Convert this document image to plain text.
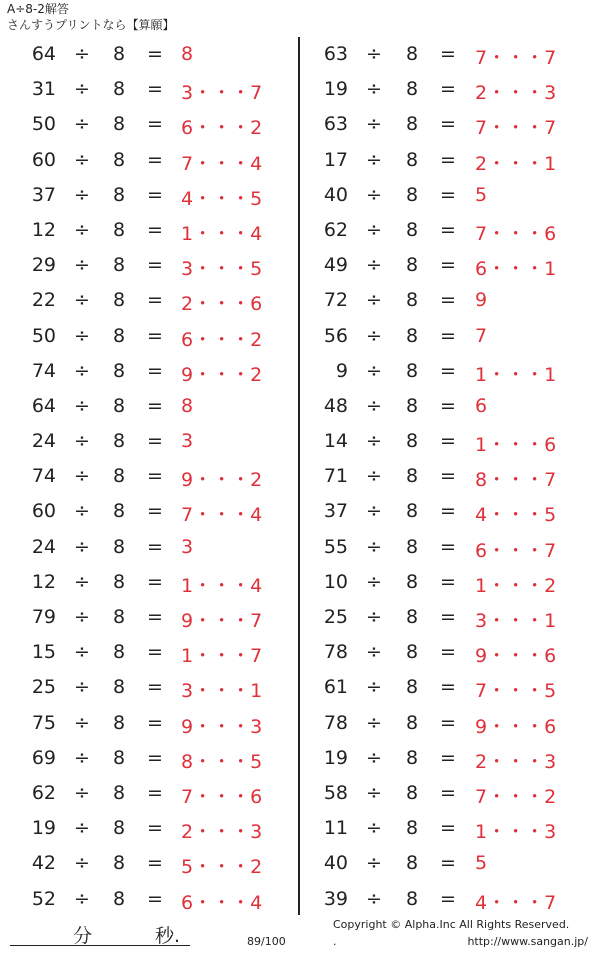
A÷8-2解答
さんすうプリントなら【算願】
64 ÷ 8 = 8
31 ÷ 8 = 3・・・7
50 ÷ 8 = 6・・・2
60 ÷ 8 = 7・・・4
37 ÷ 8 = 4・・・5
12 ÷ 8 = 1・・・4
29 ÷ 8 = 3・・・5
22 ÷ 8 = 2・・・6
50 ÷ 8 = 6・・・2
74 ÷ 8 = 9・・・2
64 ÷ 8 = 8
24 ÷ 8 = 3
74 ÷ 8 = 9・・・2
60 ÷ 8 = 7・・・4
24 ÷ 8 = 3
12 ÷ 8 = 1・・・4
79 ÷ 8 = 9・・・7
15 ÷ 8 = 1・・・7
25 ÷ 8 = 3・・・1
75 ÷ 8 = 9・・・3
69 ÷ 8 = 8・・・5
62 ÷ 8 = 7・・・6
19 ÷ 8 = 2・・・3
42 ÷ 8 = 5・・・2
52 ÷ 8 = 6・・・4
63 ÷ 8 = 7・・・7
19 ÷ 8 = 2・・・3
63 ÷ 8 = 7・・・7
17 ÷ 8 = 2・・・1
40 ÷ 8 = 5
62 ÷ 8 = 7・・・6
49 ÷ 8 = 6・・・1
72 ÷ 8 = 9
56 ÷ 8 = 7
9 ÷ 8 = 1・・・1
48 ÷ 8 = 6
14 ÷ 8 = 1・・・6
71 ÷ 8 = 8・・・7
37 ÷ 8 = 4・・・5
55 ÷ 8 = 6・・・7
10 ÷ 8 = 1・・・2
25 ÷ 8 = 3・・・1
78 ÷ 8 = 9・・・6
61 ÷ 8 = 7・・・5
78 ÷ 8 = 9・・・6
19 ÷ 8 = 2・・・3
58 ÷ 8 = 7・・・2
11 ÷ 8 = 1・・・3
40 ÷ 8 = 5
39 ÷ 8 = 4・・・7
分	秒.	89/100
Copyright © Alpha.Inc All Rights Reserved.
.	http://www.sangan.jp/
